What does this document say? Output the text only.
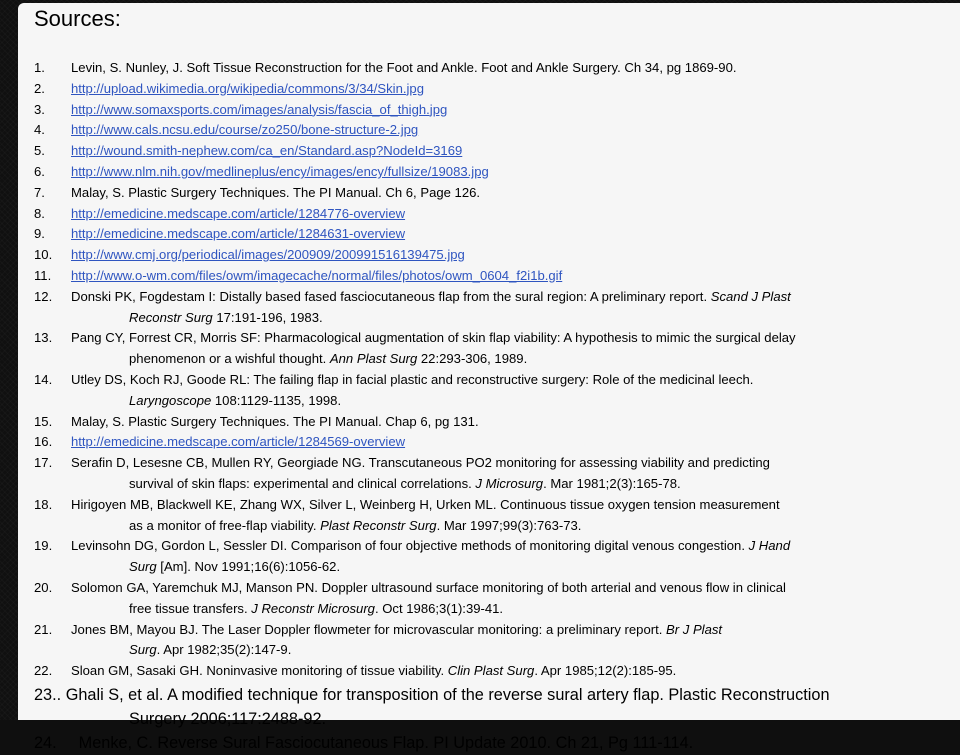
Sources:
1. Levin, S. Nunley, J. Soft Tissue Reconstruction for the Foot and Ankle. Foot and Ankle Surgery. Ch 34, pg 1869-90.
2. http://upload.wikimedia.org/wikipedia/commons/3/34/Skin.jpg
3. http://www.somaxsports.com/images/analysis/fascia_of_thigh.jpg
4. http://www.cals.ncsu.edu/course/zo250/bone-structure-2.jpg
5. http://wound.smith-nephew.com/ca_en/Standard.asp?NodeId=3169
6. http://www.nlm.nih.gov/medlineplus/ency/images/ency/fullsize/19083.jpg
7. Malay, S. Plastic Surgery Techniques. The PI Manual. Ch 6, Page 126.
8. http://emedicine.medscape.com/article/1284776-overview
9. http://emedicine.medscape.com/article/1284631-overview
10. http://www.cmj.org/periodical/images/200909/200991516139475.jpg
11. http://www.o-wm.com/files/owm/imagecache/normal/files/photos/owm_0604_f2i1b.gif
12. Donski PK, Fogdestam I: Distally based fased fasciocutaneous flap from the sural region: A preliminary report. Scand J Plast
Reconstr Surg 17:191-196, 1983.
13. Pang CY, Forrest CR, Morris SF: Pharmacological augmentation of skin flap viability: A hypothesis to mimic the surgical delay
phenomenon or a wishful thought. Ann Plast Surg 22:293-306, 1989.
14. Utley DS, Koch RJ, Goode RL: The failing flap in facial plastic and reconstructive surgery: Role of the medicinal leech.
Laryngoscope 108:1129-1135, 1998.
15. Malay, S. Plastic Surgery Techniques. The PI Manual. Chap 6, pg 131.
16. http://emedicine.medscape.com/article/1284569-overview
17. Serafin D, Lesesne CB, Mullen RY, Georgiade NG. Transcutaneous PO2 monitoring for assessing viability and predicting
survival of skin flaps: experimental and clinical correlations. J Microsurg. Mar 1981;2(3):165-78.
18. Hirigoyen MB, Blackwell KE, Zhang WX, Silver L, Weinberg H, Urken ML. Continuous tissue oxygen tension measurement
as a monitor of free-flap viability. Plast Reconstr Surg. Mar 1997;99(3):763-73.
19. Levinsohn DG, Gordon L, Sessler DI. Comparison of four objective methods of monitoring digital venous congestion. J Hand
Surg [Am]. Nov 1991;16(6):1056-62.
20. Solomon GA, Yaremchuk MJ, Manson PN. Doppler ultrasound surface monitoring of both arterial and venous flow in clinical
free tissue transfers. J Reconstr Microsurg. Oct 1986;3(1):39-41.
21. Jones BM, Mayou BJ. The Laser Doppler flowmeter for microvascular monitoring: a preliminary report. Br J Plast
Surg. Apr 1982;35(2):147-9.
22. Sloan GM, Sasaki GH. Noninvasive monitoring of tissue viability. Clin Plast Surg. Apr 1985;12(2):185-95.
23.. Ghali S, et al. A modified technique for transposition of the reverse sural artery flap. Plastic Reconstruction
Surgery 2006;117:2488-92.
24. Menke, C. Reverse Sural Fasciocutaneous Flap. PI Update 2010. Ch 21, Pg 111-114.
